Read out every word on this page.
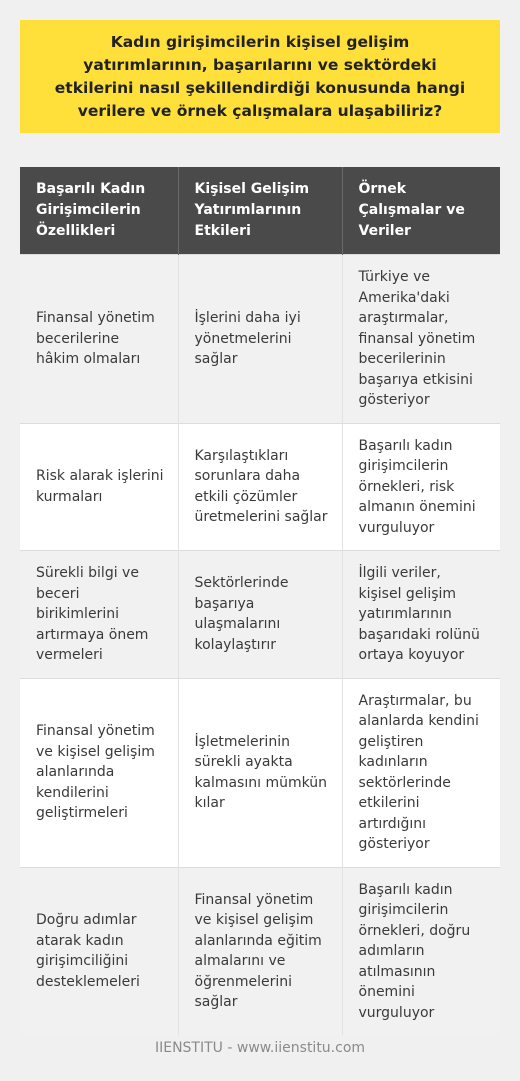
Kadın girişimcilerin kişisel gelişim yatırımlarının, başarılarını ve sektördeki etkilerini nasıl şekillendirdiği konusunda hangi verilere ve örnek çalışmalara ulaşabiliriz?
Başarılı Kadın Girişimcilerin Özellikleri	Kişisel Gelişim Yatırımlarının Etkileri	Örnek Çalışmalar ve Veriler
Finansal yönetim becerilerine hâkim olmaları	İşlerini daha iyi yönetmelerini sağlar	Türkiye ve Amerika'daki araştırmalar, finansal yönetim becerilerinin başarıya etkisini gösteriyor
Risk alarak işlerini kurmaları	Karşılaştıkları sorunlara daha etkili çözümler üretmelerini sağlar	Başarılı kadın girişimcilerin örnekleri, risk almanın önemini vurguluyor
Sürekli bilgi ve beceri birikimlerini artırmaya önem vermeleri	Sektörlerinde başarıya ulaşmalarını kolaylaştırır	İlgili veriler, kişisel gelişim yatırımlarının başarıdaki rolünü ortaya koyuyor
Finansal yönetim ve kişisel gelişim alanlarında kendilerini geliştirmeleri	İşletmelerinin sürekli ayakta kalmasını mümkün kılar	Araştırmalar, bu alanlarda kendini geliştiren kadınların sektörlerinde etkilerini artırdığını gösteriyor
Doğru adımlar atarak kadın girişimciliğini desteklemeleri	Finansal yönetim ve kişisel gelişim alanlarında eğitim almalarını ve öğrenmelerini sağlar	Başarılı kadın girişimcilerin örnekleri, doğru adımların atılmasının önemini vurguluyor
IIENSTITU - www.iienstitu.com
